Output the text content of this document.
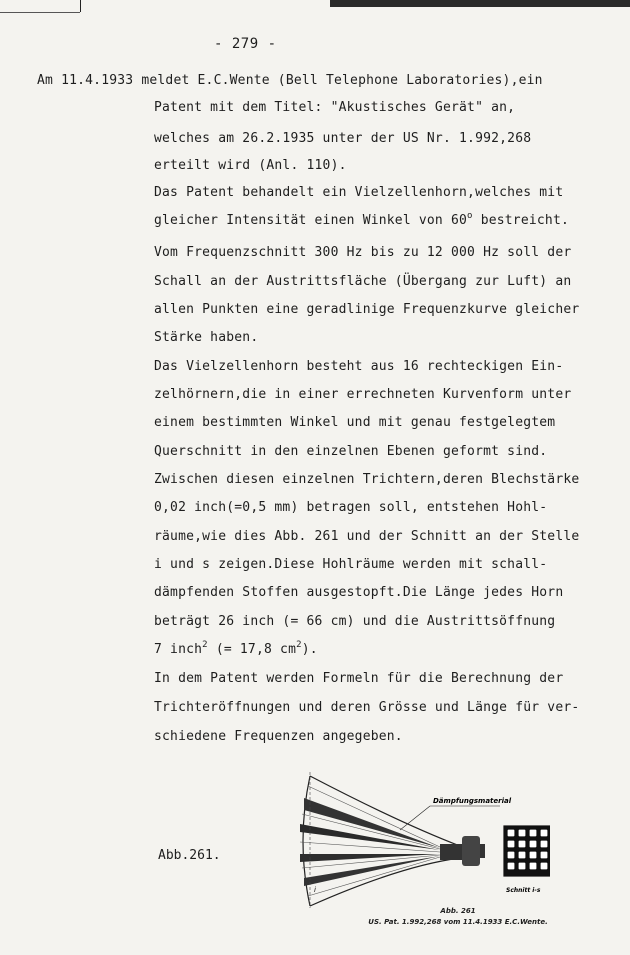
- 279 -
Am 11.4.1933 meldet E.C.Wente (Bell Telephone Laboratories),ein
Patent mit dem Titel: "Akustisches Gerät" an,
welches am 26.2.1935 unter der US Nr. 1.992,268
erteilt wird (Anl. 110).
Das Patent behandelt ein Vielzellenhorn,welches mit
gleicher Intensität einen Winkel von 60$^o$ bestreicht.
Vom Frequenzschnitt 300 Hz bis zu 12 000 Hz soll der
Schall an der Austrittsfläche (Übergang zur Luft) an
allen Punkten eine geradlinige Frequenzkurve gleicher
Stärke haben.
Das Vielzellenhorn besteht aus 16 rechteckigen Ein-
zelhörnern,die in einer errechneten Kurvenform unter
einem bestimmten Winkel und mit genau festgelegtem
Querschnitt in den einzelnen Ebenen geformt sind.
Zwischen diesen einzelnen Trichtern,deren Blechstärke
0,02 inch(=0,5 mm) betragen soll, entstehen Hohl-
räume,wie dies Abb. 261 und der Schnitt an der Stelle
i und s zeigen.Diese Hohlräume werden mit schall-
dämpfenden Stoffen ausgestopft.Die Länge jedes Horn
beträgt 26 inch (= 66 cm) und die Austrittsöffnung
7 inch$^2$ (= 17,8 $cm^2$).
In dem Patent werden Formeln für die Berechnung der
Trichteröffnungen und deren Grösse und Länge für ver-
schiedene Frequenzen angegeben.
Abb.261.
i
Dämpfungsmaterial
Schnitt i-s
Abb. 261
US. Pat. 1.992,268 vom 11.4.1933 E.C.Wente.
